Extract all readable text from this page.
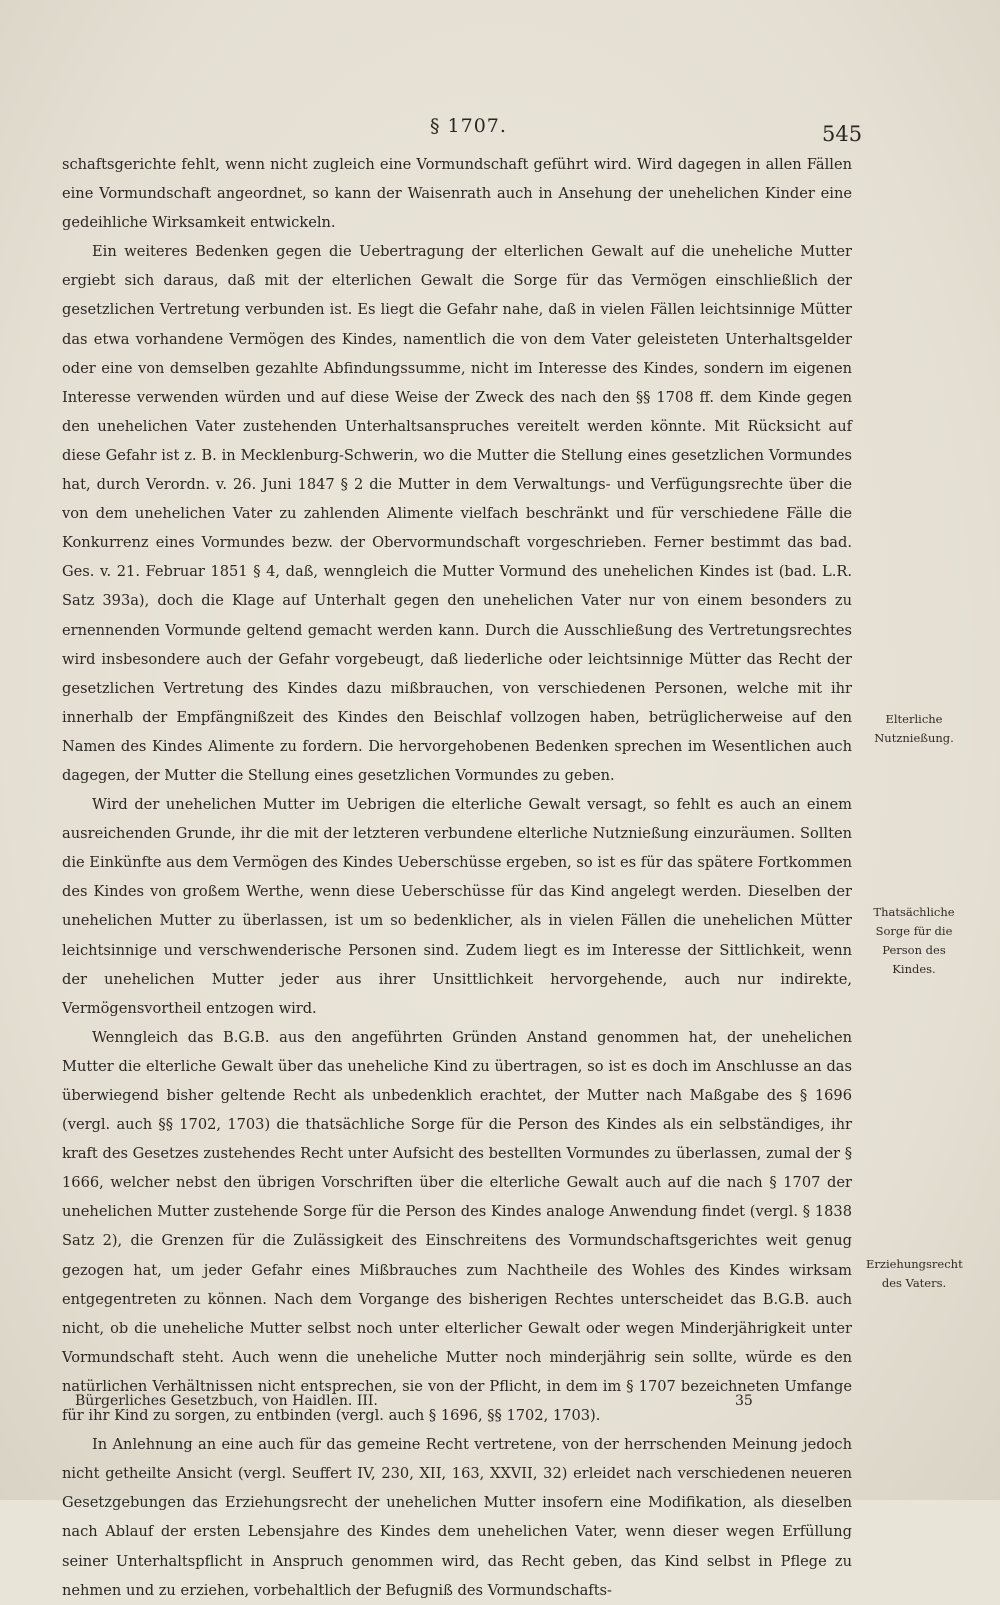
§ 1707.	545

schaftsgerichte fehlt, wenn nicht zugleich eine Vormundschaft geführt wird. Wird dagegen in allen Fällen eine Vormundschaft angeordnet, so kann der Waisenrath auch in Ansehung der unehelichen Kinder eine gedeihliche Wirksamkeit entwickeln.

Ein weiteres Bedenken gegen die Uebertragung der elterlichen Gewalt auf die uneheliche Mutter ergiebt sich daraus, daß mit der elterlichen Gewalt die Sorge für das Vermögen einschließlich der gesetzlichen Vertretung verbunden ist. Es liegt die Gefahr nahe, daß in vielen Fällen leichtsinnige Mütter das etwa vorhandene Vermögen des Kindes, namentlich die von dem Vater geleisteten Unterhaltsgelder oder eine von demselben gezahlte Abfindungssumme, nicht im Interesse des Kindes, sondern im eigenen Interesse verwenden würden und auf diese Weise der Zweck des nach den §§ 1708 ff. dem Kinde gegen den unehelichen Vater zustehenden Unterhaltsanspruches vereitelt werden könnte. Mit Rücksicht auf diese Gefahr ist z. B. in Mecklenburg-Schwerin, wo die Mutter die Stellung eines gesetzlichen Vormundes hat, durch Verordn. v. 26. Juni 1847 § 2 die Mutter in dem Verwaltungs- und Verfügungsrechte über die von dem unehelichen Vater zu zahlenden Alimente vielfach beschränkt und für verschiedene Fälle die Konkurrenz eines Vormundes bezw. der Obervormundschaft vorgeschrieben. Ferner bestimmt das bad. Ges. v. 21. Februar 1851 § 4, daß, wenngleich die Mutter Vormund des unehelichen Kindes ist (bad. L.R. Satz 393a), doch die Klage auf Unterhalt gegen den unehelichen Vater nur von einem besonders zu ernennenden Vormunde geltend gemacht werden kann. Durch die Ausschließung des Vertretungsrechtes wird insbesondere auch der Gefahr vorgebeugt, daß liederliche oder leichtsinnige Mütter das Recht der gesetzlichen Vertretung des Kindes dazu mißbrauchen, von verschiedenen Personen, welche mit ihr innerhalb der Empfängnißzeit des Kindes den Beischlaf vollzogen haben, betrüglicherweise auf den Namen des Kindes Alimente zu fordern. Die hervorgehobenen Bedenken sprechen im Wesentlichen auch dagegen, der Mutter die Stellung eines gesetzlichen Vormundes zu geben.

Wird der unehelichen Mutter im Uebrigen die elterliche Gewalt versagt, so fehlt es auch an einem ausreichenden Grunde, ihr die mit der letzteren verbundene elterliche Nutznießung einzuräumen. Sollten die Einkünfte aus dem Vermögen des Kindes Ueberschüsse ergeben, so ist es für das spätere Fortkommen des Kindes von großem Werthe, wenn diese Ueberschüsse für das Kind angelegt werden. Dieselben der unehelichen Mutter zu überlassen, ist um so bedenklicher, als in vielen Fällen die unehelichen Mütter leichtsinnige und verschwenderische Personen sind. Zudem liegt es im Interesse der Sittlichkeit, wenn der unehelichen Mutter jeder aus ihrer Unsittlichkeit hervorgehende, auch nur indirekte, Vermögensvortheil entzogen wird.

Wenngleich das B.G.B. aus den angeführten Gründen Anstand genommen hat, der unehelichen Mutter die elterliche Gewalt über das uneheliche Kind zu übertragen, so ist es doch im Anschlusse an das überwiegend bisher geltende Recht als unbedenklich erachtet, der Mutter nach Maßgabe des § 1696 (vergl. auch §§ 1702, 1703) die thatsächliche Sorge für die Person des Kindes als ein selbständiges, ihr kraft des Gesetzes zustehendes Recht unter Aufsicht des bestellten Vormundes zu überlassen, zumal der § 1666, welcher nebst den übrigen Vorschriften über die elterliche Gewalt auch auf die nach § 1707 der unehelichen Mutter zustehende Sorge für die Person des Kindes analoge Anwendung findet (vergl. § 1838 Satz 2), die Grenzen für die Zulässigkeit des Einschreitens des Vormundschaftsgerichtes weit genug gezogen hat, um jeder Gefahr eines Mißbrauches zum Nachtheile des Wohles des Kindes wirksam entgegentreten zu können. Nach dem Vorgange des bisherigen Rechtes unterscheidet das B.G.B. auch nicht, ob die uneheliche Mutter selbst noch unter elterlicher Gewalt oder wegen Minderjährigkeit unter Vormundschaft steht. Auch wenn die uneheliche Mutter noch minderjährig sein sollte, würde es den natürlichen Verhältnissen nicht entsprechen, sie von der Pflicht, in dem im § 1707 bezeichneten Umfange für ihr Kind zu sorgen, zu entbinden (vergl. auch § 1696, §§ 1702, 1703).

In Anlehnung an eine auch für das gemeine Recht vertretene, von der herrschenden Meinung jedoch nicht getheilte Ansicht (vergl. Seuffert IV, 230, XII, 163, XXVII, 32) erleidet nach verschiedenen neueren Gesetzgebungen das Erziehungsrecht der unehelichen Mutter insofern eine Modifikation, als dieselben nach Ablauf der ersten Lebensjahre des Kindes dem unehelichen Vater, wenn dieser wegen Erfüllung seiner Unterhaltspflicht in Anspruch genommen wird, das Recht geben, das Kind selbst in Pflege zu nehmen und zu erziehen, vorbehaltlich der Befugniß des Vormundschafts-

Elterliche Nutznießung.
Thatsächliche Sorge für die Person des Kindes.
Erziehungsrecht des Vaters.
Bürgerliches Gesetzbuch, von Haidlen. III.	35
